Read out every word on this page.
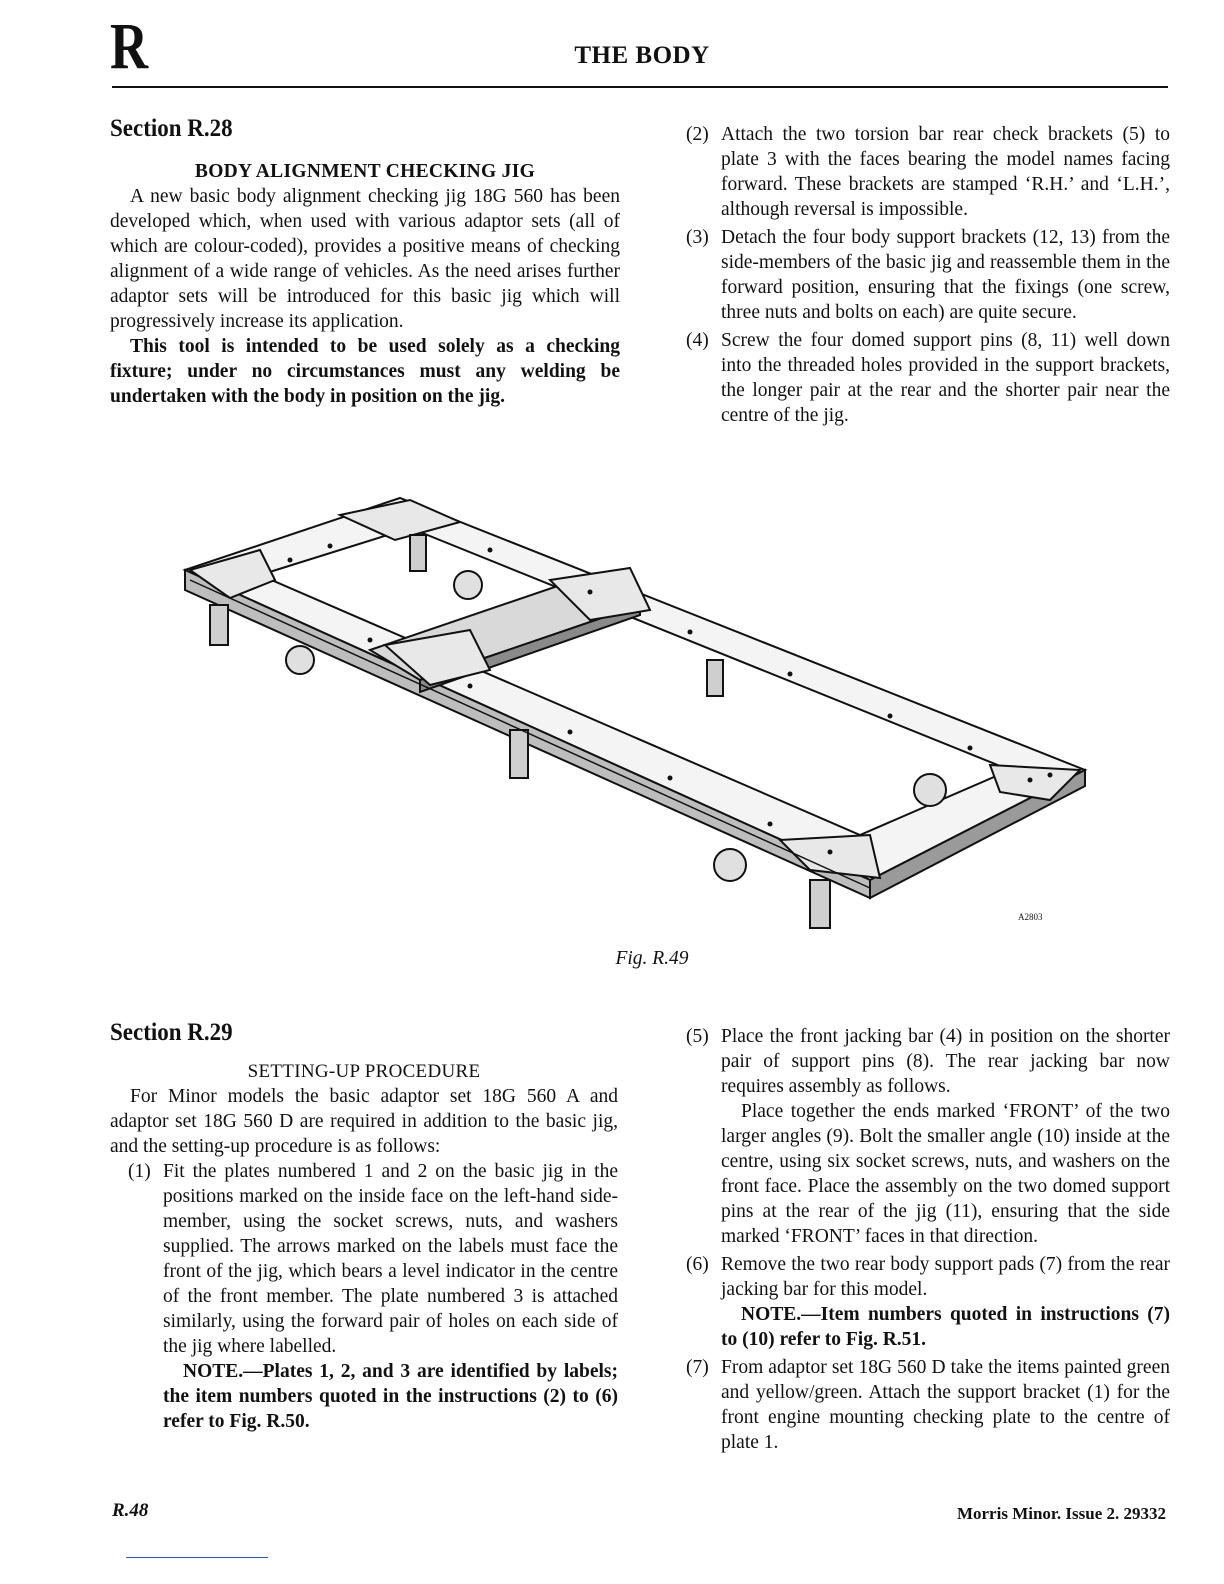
R	THE BODY

Section R.28

BODY ALIGNMENT CHECKING JIG

A new basic body alignment checking jig 18G 560 has been developed which, when used with various adaptor sets (all of which are colour-coded), provides a positive means of checking alignment of a wide range of vehicles. As the need arises further adaptor sets will be introduced for this basic jig which will progressively increase its application.

This tool is intended to be used solely as a checking fixture; under no circumstances must any welding be undertaken with the body in position on the jig.

(2) Attach the two torsion bar rear check brackets (5) to plate 3 with the faces bearing the model names facing forward. These brackets are stamped ‘R.H.’ and ‘L.H.’, although reversal is impossible.
(3) Detach the four body support brackets (12, 13) from the side-members of the basic jig and reassemble them in the forward position, ensuring that the fixings (one screw, three nuts and bolts on each) are quite secure.
(4) Screw the four domed support pins (8, 11) well down into the threaded holes provided in the support brackets, the longer pair at the rear and the shorter pair near the centre of the jig.
A2803
Fig. R.49

Section R.29

SETTING-UP PROCEDURE

For Minor models the basic adaptor set 18G 560 A and adaptor set 18G 560 D are required in addition to the basic jig, and the setting-up procedure is as follows:

(1) Fit the plates numbered 1 and 2 on the basic jig in the positions marked on the inside face on the left-hand side-member, using the socket screws, nuts, and washers supplied. The arrows marked on the labels must face the front of the jig, which bears a level indicator in the centre of the front member. The plate numbered 3 is attached similarly, using the forward pair of holes on each side of the jig where labelled.

NOTE.—Plates 1, 2, and 3 are identified by labels; the item numbers quoted in the instructions (2) to (6) refer to Fig. R.50.

(5) Place the front jacking bar (4) in position on the shorter pair of support pins (8). The rear jacking bar now requires assembly as follows.

Place together the ends marked ‘FRONT’ of the two larger angles (9). Bolt the smaller angle (10) inside at the centre, using six socket screws, nuts, and washers on the front face. Place the assembly on the two domed support pins at the rear of the jig (11), ensuring that the side marked ‘FRONT’ faces in that direction.

(6) Remove the two rear body support pads (7) from the rear jacking bar for this model.

NOTE.—Item numbers quoted in instructions (7) to (10) refer to Fig. R.51.

(7) From adaptor set 18G 560 D take the items painted green and yellow/green. Attach the support bracket (1) for the front engine mounting checking plate to the centre of plate 1.
R.48	Morris Minor. Issue 2. 29332
